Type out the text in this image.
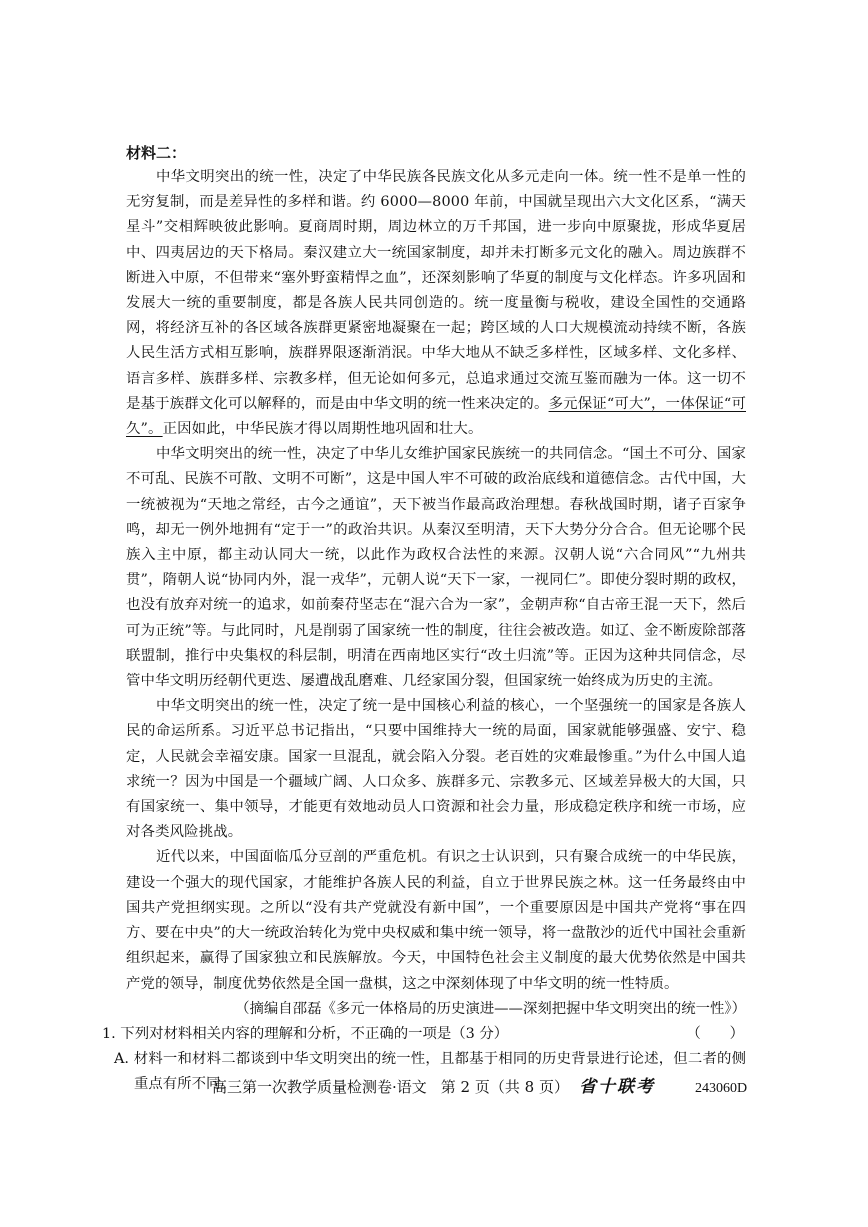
材料二：

中华文明突出的统一性，决定了中华民族各民族文化从多元走向一体。统一性不是单一性的无穷复制，而是差异性的多样和谐。约 6000—8000 年前，中国就呈现出六大文化区系，“满天星斗”交相辉映彼此影响。夏商周时期，周边林立的万千邦国，进一步向中原聚拢，形成华夏居中、四夷居边的天下格局。秦汉建立大一统国家制度，却并未打断多元文化的融入。周边族群不断进入中原，不但带来“塞外野蛮精悍之血”，还深刻影响了华夏的制度与文化样态。许多巩固和发展大一统的重要制度，都是各族人民共同创造的。统一度量衡与税收，建设全国性的交通路网，将经济互补的各区域各族群更紧密地凝聚在一起；跨区域的人口大规模流动持续不断，各族人民生活方式相互影响，族群界限逐渐消泯。中华大地从不缺乏多样性，区域多样、文化多样、语言多样、族群多样、宗教多样，但无论如何多元，总追求通过交流互鉴而融为一体。这一切不是基于族群文化可以解释的，而是由中华文明的统一性来决定的。多元保证“可大”，一体保证“可久”。正因如此，中华民族才得以周期性地巩固和壮大。

中华文明突出的统一性，决定了中华儿女维护国家民族统一的共同信念。“国土不可分、国家不可乱、民族不可散、文明不可断”，这是中国人牢不可破的政治底线和道德信念。古代中国，大一统被视为“天地之常经，古今之通谊”，天下被当作最高政治理想。春秋战国时期，诸子百家争鸣，却无一例外地拥有“定于一”的政治共识。从秦汉至明清，天下大势分分合合。但无论哪个民族入主中原，都主动认同大一统，以此作为政权合法性的来源。汉朝人说“六合同风”“九州共贯”，隋朝人说“协同内外，混一戎华”，元朝人说“天下一家，一视同仁”。即使分裂时期的政权，也没有放弃对统一的追求，如前秦苻坚志在“混六合为一家”，金朝声称“自古帝王混一天下，然后可为正统”等。与此同时，凡是削弱了国家统一性的制度，往往会被改造。如辽、金不断废除部落联盟制，推行中央集权的科层制，明清在西南地区实行“改土归流”等。正因为这种共同信念，尽管中华文明历经朝代更迭、屡遭战乱磨难、几经家国分裂，但国家统一始终成为历史的主流。

中华文明突出的统一性，决定了统一是中国核心利益的核心，一个坚强统一的国家是各族人民的命运所系。习近平总书记指出，“只要中国维持大一统的局面，国家就能够强盛、安宁、稳定，人民就会幸福安康。国家一旦混乱，就会陷入分裂。老百姓的灾难最惨重。”为什么中国人追求统一？因为中国是一个疆域广阔、人口众多、族群多元、宗教多元、区域差异极大的大国，只有国家统一、集中领导，才能更有效地动员人口资源和社会力量，形成稳定秩序和统一市场，应对各类风险挑战。

近代以来，中国面临瓜分豆剖的严重危机。有识之士认识到，只有聚合成统一的中华民族，建设一个强大的现代国家，才能维护各族人民的利益，自立于世界民族之林。这一任务最终由中国共产党担纲实现。之所以“没有共产党就没有新中国”，一个重要原因是中国共产党将“事在四方、要在中央”的大一统政治转化为党中央权威和集中统一领导，将一盘散沙的近代中国社会重新组织起来，赢得了国家独立和民族解放。今天，中国特色社会主义制度的最大优势依然是中国共产党的领导，制度优势依然是全国一盘棋，这之中深刻体现了中华文明的统一性特质。

（摘编自邵磊《多元一体格局的历史演进——深刻把握中华文明突出的统一性》）

1. 下列对材料相关内容的理解和分析，不正确的一项是（3 分）	（　　）

A. 材料一和材料二都谈到中华文明突出的统一性，且都基于相同的历史背景进行论述，但二者的侧重点有所不同。

高三第一次教学质量检测卷·语文 第 2 页（共 8 页） 省十联考	243060D
